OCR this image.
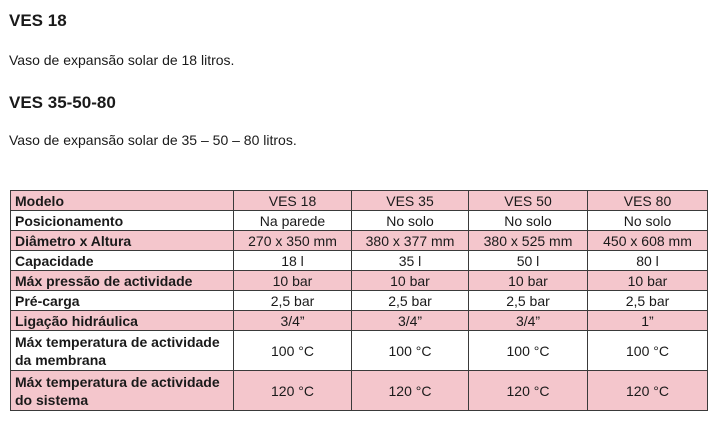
VES 18

Vaso de expansão solar de 18 litros.

VES 35-50-80

Vaso de expansão solar de 35 – 50 – 80 litros.

Modelo	VES 18	VES 35	VES 50	VES 80
Posicionamento	Na parede	No solo	No solo	No solo
Diâmetro x Altura	270 x 350 mm	380 x 377 mm	380 x 525 mm	450 x 608 mm
Capacidade	18 l	35 l	50 l	80 l
Máx pressão de actividade	10 bar	10 bar	10 bar	10 bar
Pré-carga	2,5 bar	2,5 bar	2,5 bar	2,5 bar
Ligação hidráulica	3/4”	3/4”	3/4”	1”
Máx temperatura de actividade da membrana	100 °C	100 °C	100 °C	100 °C
Máx temperatura de actividade do sistema	120 °C	120 °C	120 °C	120 °C
